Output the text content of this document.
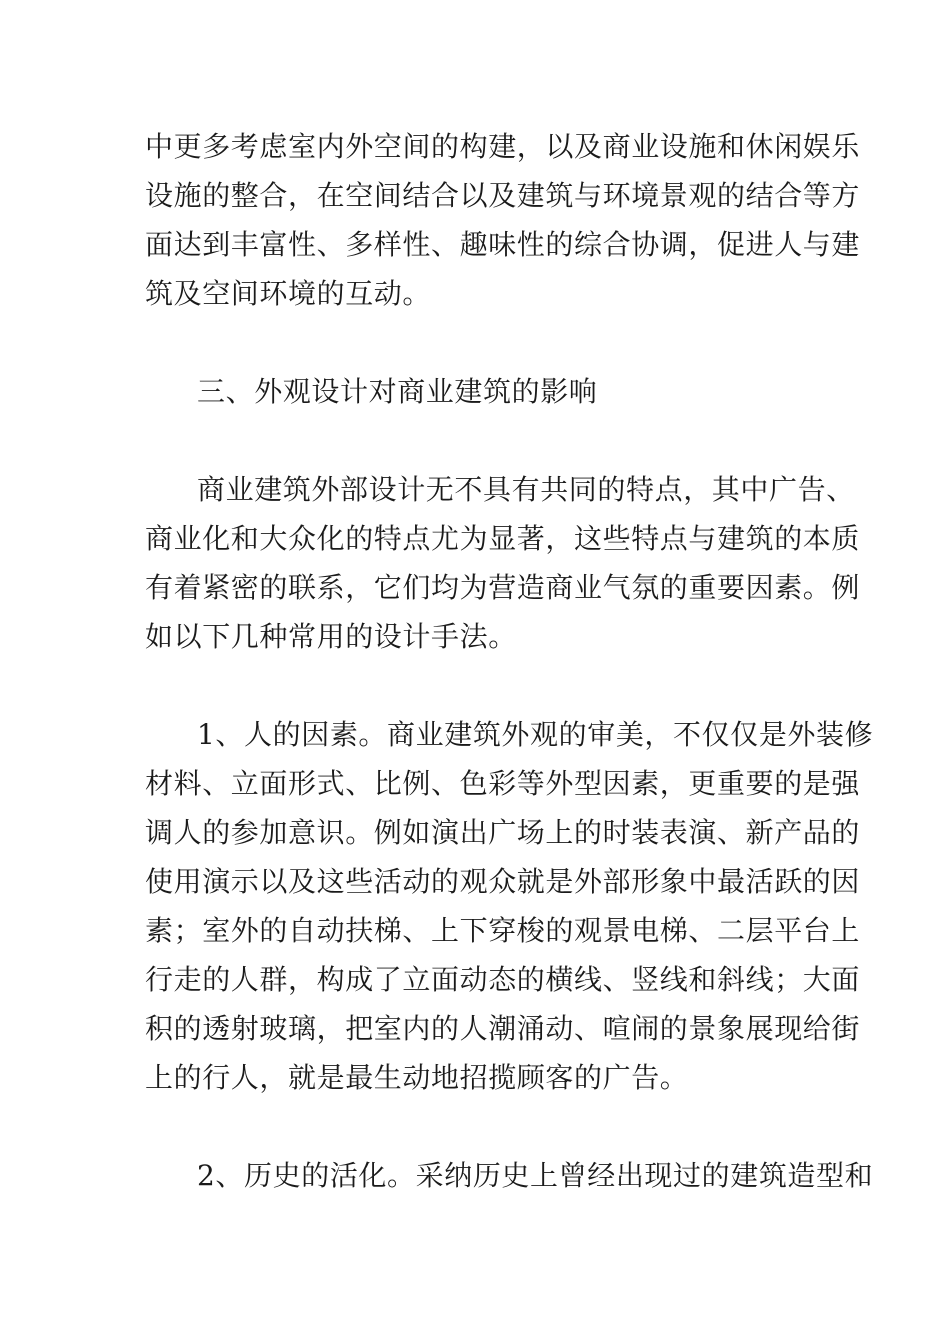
中更多考虑室内外空间的构建，以及商业设施和休闲娱乐
设施的整合，在空间结合以及建筑与环境景观的结合等方
面达到丰富性、多样性、趣味性的综合协调，促进人与建
筑及空间环境的互动。
三、外观设计对商业建筑的影响
商业建筑外部设计无不具有共同的特点，其中广告、
商业化和大众化的特点尤为显著，这些特点与建筑的本质
有着紧密的联系，它们均为营造商业气氛的重要因素。例
如以下几种常用的设计手法。
1、人的因素。商业建筑外观的审美，不仅仅是外装修
材料、立面形式、比例、色彩等外型因素，更重要的是强
调人的参加意识。例如演出广场上的时装表演、新产品的
使用演示以及这些活动的观众就是外部形象中最活跃的因
素；室外的自动扶梯、上下穿梭的观景电梯、二层平台上
行走的人群，构成了立面动态的横线、竖线和斜线；大面
积的透射玻璃，把室内的人潮涌动、喧闹的景象展现给街
上的行人，就是最生动地招揽顾客的广告。
2、历史的活化。采纳历史上曾经出现过的建筑造型和
